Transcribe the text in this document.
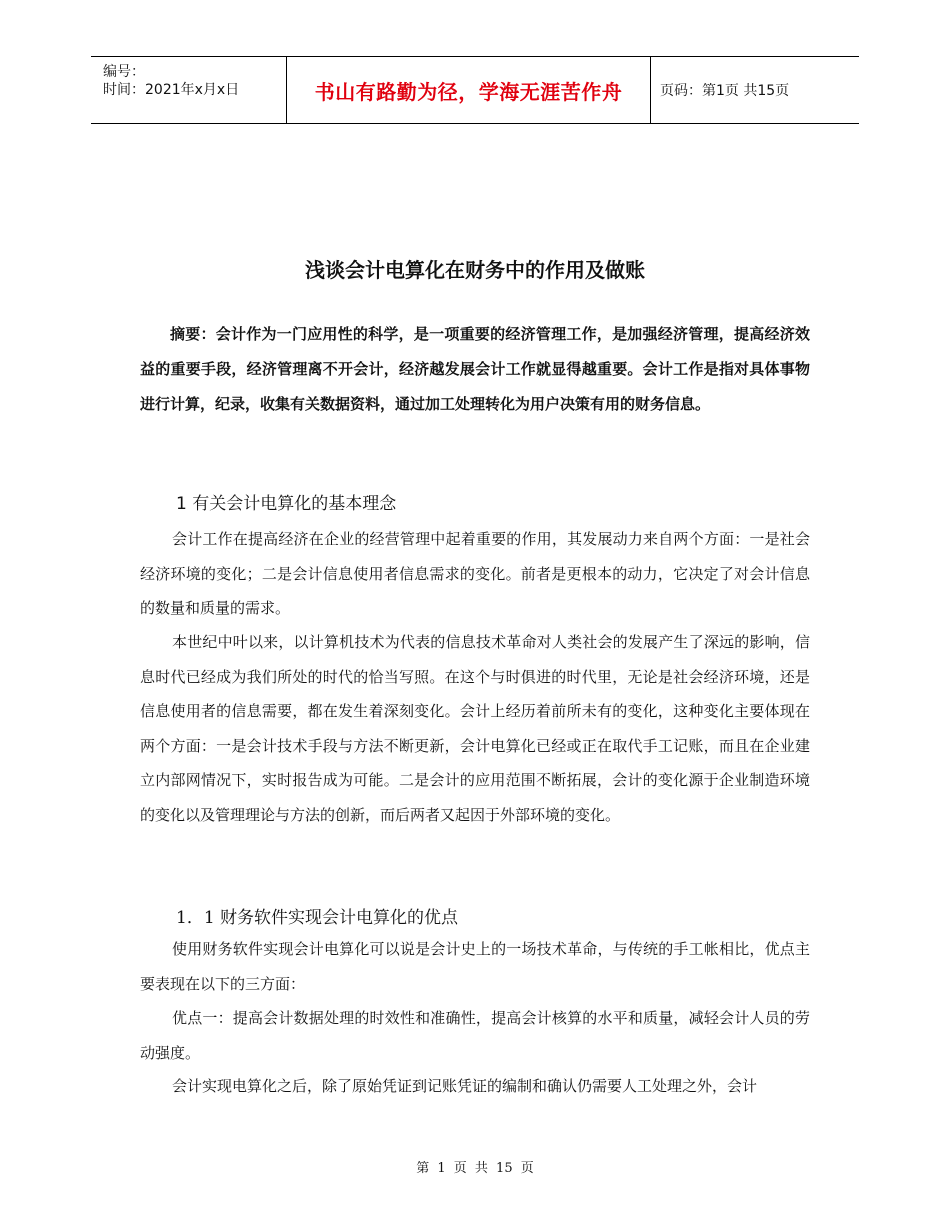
编号：
时间：2021年x月x日	书山有路勤为径，学海无涯苦作舟	页码：第1页 共15页
浅谈会计电算化在财务中的作用及做账

摘要：会计作为一门应用性的科学，是一项重要的经济管理工作，是加强经济管理，提高经济效益的重要手段，经济管理离不开会计，经济越发展会计工作就显得越重要。会计工作是指对具体事物进行计算，纪录，收集有关数据资料，通过加工处理转化为用户决策有用的财务信息。

1 有关会计电算化的基本理念

会计工作在提高经济在企业的经营管理中起着重要的作用，其发展动力来自两个方面：一是社会经济环境的变化；二是会计信息使用者信息需求的变化。前者是更根本的动力，它决定了对会计信息的数量和质量的需求。

本世纪中叶以来，以计算机技术为代表的信息技术革命对人类社会的发展产生了深远的影响，信息时代已经成为我们所处的时代的恰当写照。在这个与时俱进的时代里，无论是社会经济环境，还是信息使用者的信息需要，都在发生着深刻变化。会计上经历着前所未有的变化，这种变化主要体现在两个方面：一是会计技术手段与方法不断更新，会计电算化已经或正在取代手工记账，而且在企业建立内部网情况下，实时报告成为可能。二是会计的应用范围不断拓展，会计的变化源于企业制造环境的变化以及管理理论与方法的创新，而后两者又起因于外部环境的变化。

1．1 财务软件实现会计电算化的优点

使用财务软件实现会计电算化可以说是会计史上的一场技术革命，与传统的手工帐相比，优点主要表现在以下的三方面：

优点一：提高会计数据处理的时效性和准确性，提高会计核算的水平和质量，减轻会计人员的劳动强度。

会计实现电算化之后，除了原始凭证到记账凭证的编制和确认仍需要人工处理之外，会计

第 1 页 共 15 页
